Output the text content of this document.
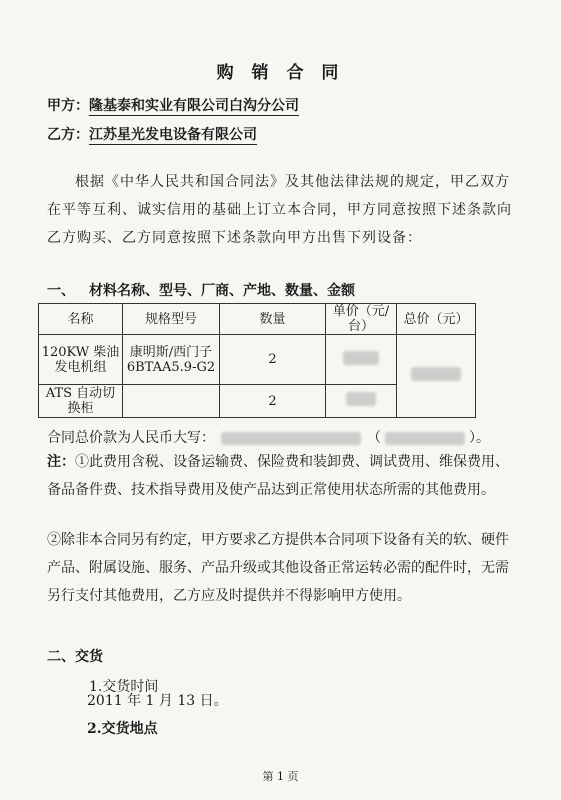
购 销 合 同
甲方：隆基泰和实业有限公司白沟分公司
乙方：江苏星光发电设备有限公司
根据《中华人民共和国合同法》及其他法律法规的规定，甲乙双方在平等互利、诚实信用的基础上订立本合同，甲方同意按照下述条款向乙方购买、乙方同意按照下述条款向甲方出售下列设备：
一、 材料名称、型号、厂商、产地、数量、金额
名称	规格型号	数量	单价（元/台）	总价（元）
120KW 柴油发电机组	康明斯/西门子 6BTAA5.9-G2	2		
ATS 自动切换柜		2		
合同总价款为人民币大写：	（	）。
注：①此费用含税、设备运输费、保险费和装卸费、调试费用、维保费用、备品备件费、技术指导费用及使产品达到正常使用状态所需的其他费用。
②除非本合同另有约定，甲方要求乙方提供本合同项下设备有关的软、硬件产品、附属设施、服务、产品升级或其他设备正常运转必需的配件时，无需另行支付其他费用，乙方应及时提供并不得影响甲方使用。
二、交货
1.交货时间
2011 年 1 月 13 日。
2.交货地点
第 1 页
